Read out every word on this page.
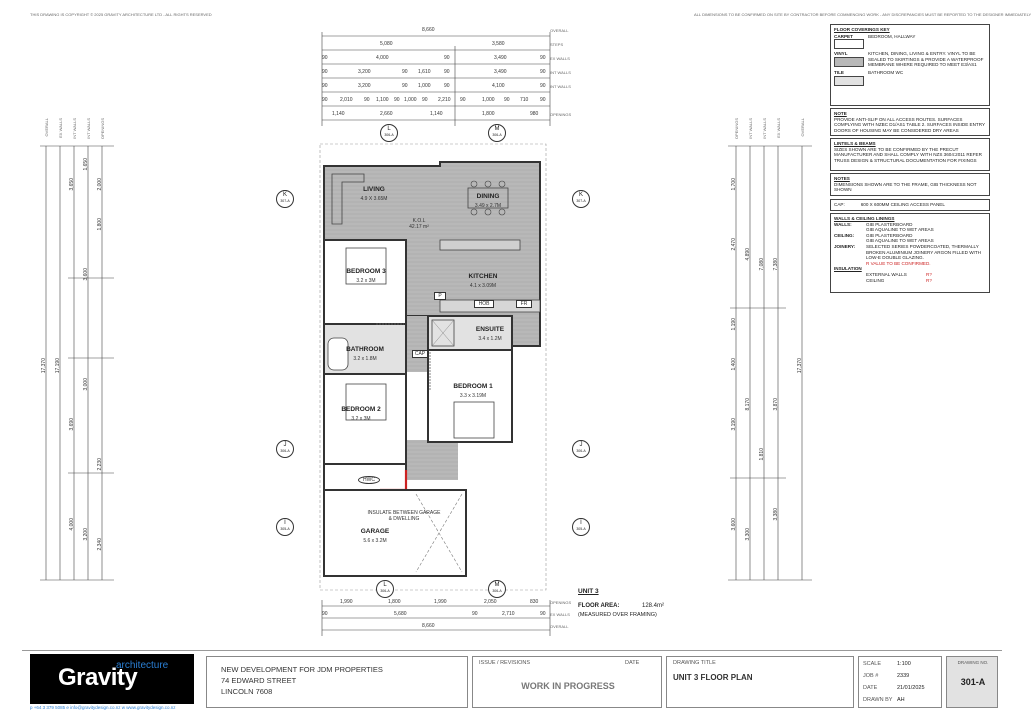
THIS DRAWING IS COPYRIGHT © 2025 GRAVITY ARCHITECTURE LTD - ALL RIGHTS RESERVED	ALL DIMENSIONS TO BE CONFIRMED ON SITE BY CONTRACTOR BEFORE COMMENCING WORK - ANY DISCREPANCIES MUST BE REPORTED TO THE DESIGNER IMMEDIATELY
8,660
5,080	3,580
90	4,000	90	3,490	90
90	3,200	90 1,610	90	3,490	90
90	3,200	90 1,000	90	4,100	90
90 2,010 90 1,100 90 1,000 90 2,210 90	1,000 90 710 90
1,140	2,660	1,140	1,800	980
OVERALL
STEPS
EX WALLS
INT WALLS
INT WALLS
OPENINGS
OVERALL EX WALLS INT WALLS INT WALLS OPENINGS
17,370 17,190
3,650	2,000
1,650
3,600
1,800
3,690
4,000
3,200
2,340
3,000
2,230
OPENINGS INT WALLS INT WALLS EX WALLS	OVERALL
17,370
2,470
4,890
7,080 7,380
1,700
1,190
1,400
8,170	3,870
3,190
3,380
3,600
1,810
3,300
LIVING
4.9 X 3.65M	DINING
3.49 x 2.7M
K.O.L
42.17 m²
KITCHEN
4.1 x 3.09M
BEDROOM 3
3.2 x 3M
BATHROOM
3.2 x 1.8M
ENSUITE
3.4 x 1.2M
BEDROOM 1
3.3 x 3.19M
BEDROOM 2
3.2 x 3M
GARAGE
5.6 x 3.2M
HWC
CAP
P
HOB	FR
INSULATE BETWEEN GARAGE & DWELLING
L
306-A
M
306-A
K
307-A
K
307-A
J
306-A
J
306-A
I
305-A
I
305-A
L
306-A
M
306-A
1,990	1,800	1,990	2,050	830
90	5,680	90	2,710	90
8,660
OPENINGS
EX WALLS
OVERALL
UNIT 3
FLOOR AREA:
(MEASURED OVER FRAMING)
128.4m²
FLOOR COVERINGS KEY
CARPET	BEDROOM, HALLWAY
VINYL	KITCHEN, DINING, LIVING & ENTRY. VINYL TO BE SEALED TO SKIRTINGS & PROVIDE A WATERPROOF MEMBRANE WHERE REQUIRED TO MEET E3/AS1
TILE	BATHROOM WC
NOTE
PROVIDE ANTI-SLIP ON ALL ACCESS ROUTES. SURFACES COMPLYING WITH NZBC D1/AS1 TABLE 2. SURFACES INSIDE ENTRY DOORS OF HOUSING MAY BE CONSIDERED DRY AREAS
LINTELS & BEAMS
SIZES SHOWN ARE TO BE CONFIRMED BY THE PRECUT MANUFACTURER AND SHALL COMPLY WITH NZS 3604:2011 REFER TRUSS DESIGN & STRUCTURAL DOCUMENTATION FOR FIXINGS
NOTES
DIMENSIONS SHOWN ARE TO THE FRAME, GIB THICKNESS NOT SHOWN
CAP:	600 X 600MM CEILING ACCESS PANEL
WALLS & CEILING LININGS
WALLS:	GIB PLASTERBOARD
GIB AQUALINE TO WET AREAS
CEILING:	GIB PLASTERBOARD
GIB AQUALINE TO WET AREAS
JOINERY:	SELECTED SERIES POWDERCOATED, THERMALLY BROKEN ALUMINIUM JOINERY ARGON FILLED WITH LOW-E DOUBLE GLAZING.
R VALUE TO BE CONFIRMED.
INSULATION
EXTERNAL WALLS	R?
CEILING	R?
Gravity
architecture
p +64 3 379 5085 e info@gravitydesign.co.nz w www.gravitydesign.co.nz
NEW DEVELOPMENT FOR JDM PROPERTIES
74 EDWARD STREET
LINCOLN 7608
ISSUE / REVISIONS	DATE
WORK IN PROGRESS
DRAWING TITLE
UNIT 3 FLOOR PLAN
SCALE	1:100
JOB #	2339
DATE	21/01/2025
DRAWN BY AH
DRAWING NO.
301-A
